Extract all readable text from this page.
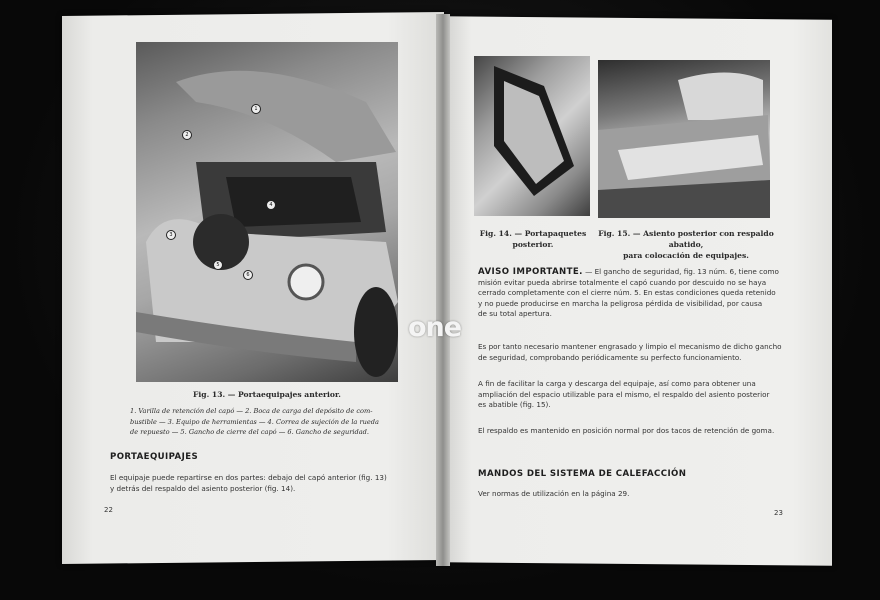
1
2
3
4
5
6
Fig. 13. — Portaequipajes anterior.
1. Varilla de retención del capó — 2. Boca de carga del depósito de com-
bustible — 3. Equipo de herramientas — 4. Correa de sujeción de la rueda
de repuesto — 5. Gancho de cierre del capó — 6. Gancho de seguridad.
PORTAEQUIPAJES
El equipaje puede repartirse en dos partes: debajo del capó anterior (fig. 13)
y detrás del respaldo del asiento posterior (fig. 14).
22
Fig. 14. — Portapaquetes
posterior.
Fig. 15. — Asiento posterior con respaldo abatido,
para colocación de equipajes.
AVISO IMPORTANTE. — El gancho de seguridad, fig. 13 núm. 6, tiene como
misión evitar pueda abrirse totalmente el capó cuando por descuido no se haya
cerrado completamente con el cierre núm. 5. En estas condiciones queda retenido
y no puede producirse en marcha la peligrosa pérdida de visibilidad, por causa
de su total apertura.
Es por tanto necesario mantener engrasado y limpio el mecanismo de dicho gancho
de seguridad, comprobando periódicamente su perfecto funcionamiento.
A fin de facilitar la carga y descarga del equipaje, así como para obtener una
ampliación del espacio utilizable para el mismo, el respaldo del asiento posterior
es abatible (fig. 15).
El respaldo es mantenido en posición normal por dos tacos de retención de goma.
MANDOS DEL SISTEMA DE CALEFACCIÓN
Ver normas de utilización en la página 29.
23
one
